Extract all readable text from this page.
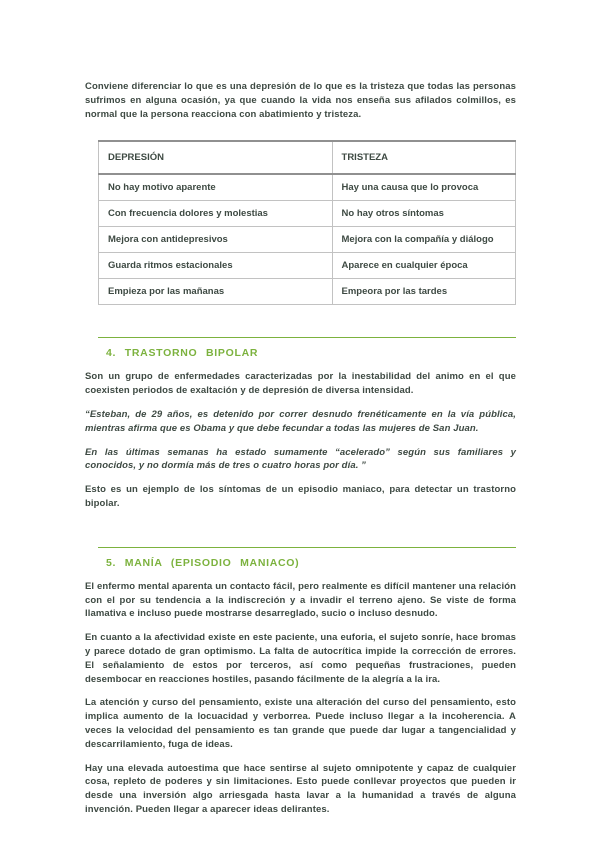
Conviene diferenciar lo que es una depresión de lo que es la tristeza que todas las personas sufrimos en alguna ocasión, ya que cuando la vida nos enseña sus afilados colmillos, es normal que la persona reacciona con abatimiento y tristeza.

DEPRESIÓN	TRISTEZA
No hay motivo aparente	Hay una causa que lo provoca
Con frecuencia dolores y molestias	No hay otros síntomas
Mejora con antidepresivos	Mejora con la compañía y diálogo
Guarda ritmos estacionales	Aparece en cualquier época
Empieza por las mañanas	Empeora por las tardes
4. TRASTORNO BIPOLAR

Son un grupo de enfermedades caracterizadas por la inestabilidad del animo en el que coexisten periodos de exaltación y de depresión de diversa intensidad.

“Esteban, de 29 años, es detenido por correr desnudo frenéticamente en la vía pública, mientras afirma que es Obama y que debe fecundar a todas las mujeres de San Juan.

En las últimas semanas ha estado sumamente “acelerado” según sus familiares y conocidos, y no dormía más de tres o cuatro horas por día. ”

Esto es un ejemplo de los síntomas de un episodio maniaco, para detectar un trastorno bipolar.

5. MANÍA (EPISODIO MANIACO)

El enfermo mental aparenta un contacto fácil, pero realmente es difícil mantener una relación con el por su tendencia a la indiscreción y a invadir el terreno ajeno. Se viste de forma llamativa e incluso puede mostrarse desarreglado, sucio o incluso desnudo.

En cuanto a la afectividad existe en este paciente, una euforia, el sujeto sonríe, hace bromas y parece dotado de gran optimismo. La falta de autocrítica impide la corrección de errores. El señalamiento de estos por terceros, así como pequeñas frustraciones, pueden desembocar en reacciones hostiles, pasando fácilmente de la alegría a la ira.

La atención y curso del pensamiento, existe una alteración del curso del pensamiento, esto implica aumento de la locuacidad y verborrea. Puede incluso llegar a la incoherencia. A veces la velocidad del pensamiento es tan grande que puede dar lugar a tangencialidad y descarrilamiento, fuga de ideas.

Hay una elevada autoestima que hace sentirse al sujeto omnipotente y capaz de cualquier cosa, repleto de poderes y sin limitaciones. Esto puede conllevar proyectos que pueden ir desde una inversión algo arriesgada hasta lavar a la humanidad a través de alguna invención. Pueden llegar a aparecer ideas delirantes.
